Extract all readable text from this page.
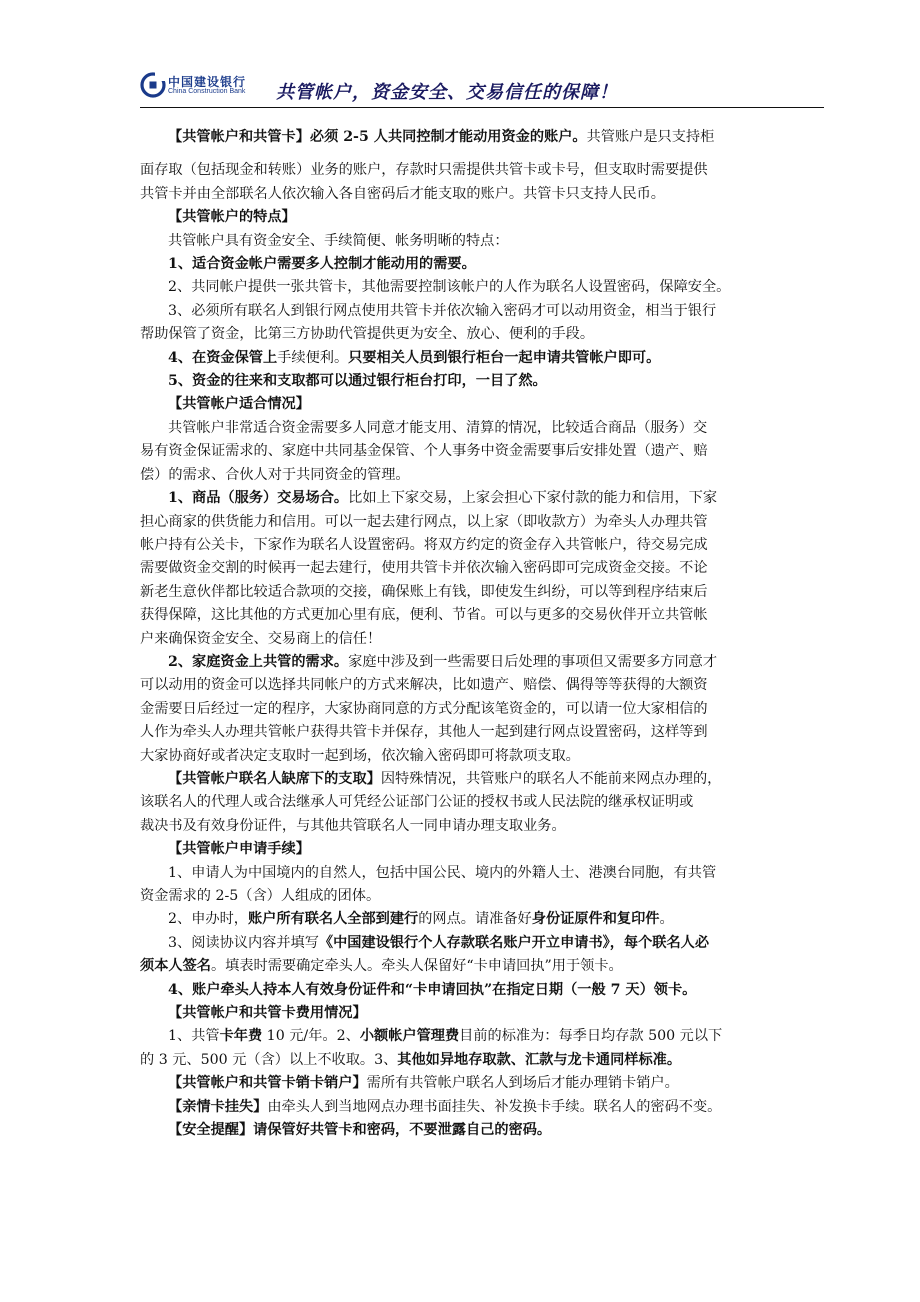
中国建设银行
China Construction Bank 共管帐户，资金安全、交易信任的保障！

【共管帐户和共管卡】必须 2-5 人共同控制才能动用资金的账户。共管账户是只支持柜

面存取（包括现金和转账）业务的账户，存款时只需提供共管卡或卡号，但支取时需要提供

共管卡并由全部联名人依次输入各自密码后才能支取的账户。共管卡只支持人民币。

【共管帐户的特点】

共管帐户具有资金安全、手续简便、帐务明晰的特点：

1、适合资金帐户需要多人控制才能动用的需要。

2、共同帐户提供一张共管卡，其他需要控制该帐户的人作为联名人设置密码，保障安全。

3、必须所有联名人到银行网点使用共管卡并依次输入密码才可以动用资金，相当于银行

帮助保管了资金，比第三方协助代管提供更为安全、放心、便利的手段。

4、在资金保管上手续便利。只要相关人员到银行柜台一起申请共管帐户即可。

5、资金的往来和支取都可以通过银行柜台打印，一目了然。

【共管帐户适合情况】

共管帐户非常适合资金需要多人同意才能支用、清算的情况，比较适合商品（服务）交

易有资金保证需求的、家庭中共同基金保管、个人事务中资金需要事后安排处置（遗产、赔

偿）的需求、合伙人对于共同资金的管理。

1、商品（服务）交易场合。比如上下家交易，上家会担心下家付款的能力和信用，下家

担心商家的供货能力和信用。可以一起去建行网点，以上家（即收款方）为牵头人办理共管

帐户持有公关卡，下家作为联名人设置密码。将双方约定的资金存入共管帐户，待交易完成

需要做资金交割的时候再一起去建行，使用共管卡并依次输入密码即可完成资金交接。不论

新老生意伙伴都比较适合款项的交接，确保账上有钱，即使发生纠纷，可以等到程序结束后

获得保障，这比其他的方式更加心里有底，便利、节省。可以与更多的交易伙伴开立共管帐

户来确保资金安全、交易商上的信任！

2、家庭资金上共管的需求。家庭中涉及到一些需要日后处理的事项但又需要多方同意才

可以动用的资金可以选择共同帐户的方式来解决，比如遗产、赔偿、偶得等等获得的大额资

金需要日后经过一定的程序，大家协商同意的方式分配该笔资金的，可以请一位大家相信的

人作为牵头人办理共管帐户获得共管卡并保存，其他人一起到建行网点设置密码，这样等到

大家协商好或者决定支取时一起到场，依次输入密码即可将款项支取。

【共管帐户联名人缺席下的支取】因特殊情况，共管账户的联名人不能前来网点办理的，

该联名人的代理人或合法继承人可凭经公证部门公证的授权书或人民法院的继承权证明或

裁决书及有效身份证件，与其他共管联名人一同申请办理支取业务。

【共管帐户申请手续】

1、申请人为中国境内的自然人，包括中国公民、境内的外籍人士、港澳台同胞，有共管

资金需求的 2-5（含）人组成的团体。

2、申办时，账户所有联名人全部到建行的网点。请准备好身份证原件和复印件。

3、阅读协议内容并填写《中国建设银行个人存款联名账户开立申请书》，每个联名人必

须本人签名。填表时需要确定牵头人。牵头人保留好“卡申请回执”用于领卡。

4、账户牵头人持本人有效身份证件和“卡申请回执”在指定日期（一般 7 天）领卡。

【共管帐户和共管卡费用情况】

1、共管卡年费 10 元/年。2、小额帐户管理费目前的标准为：每季日均存款 500 元以下

的 3 元、500 元（含）以上不收取。3、其他如异地存取款、汇款与龙卡通同样标准。

【共管帐户和共管卡销卡销户】需所有共管帐户联名人到场后才能办理销卡销户。

【亲情卡挂失】由牵头人到当地网点办理书面挂失、补发换卡手续。联名人的密码不变。

【安全提醒】请保管好共管卡和密码，不要泄露自己的密码。
